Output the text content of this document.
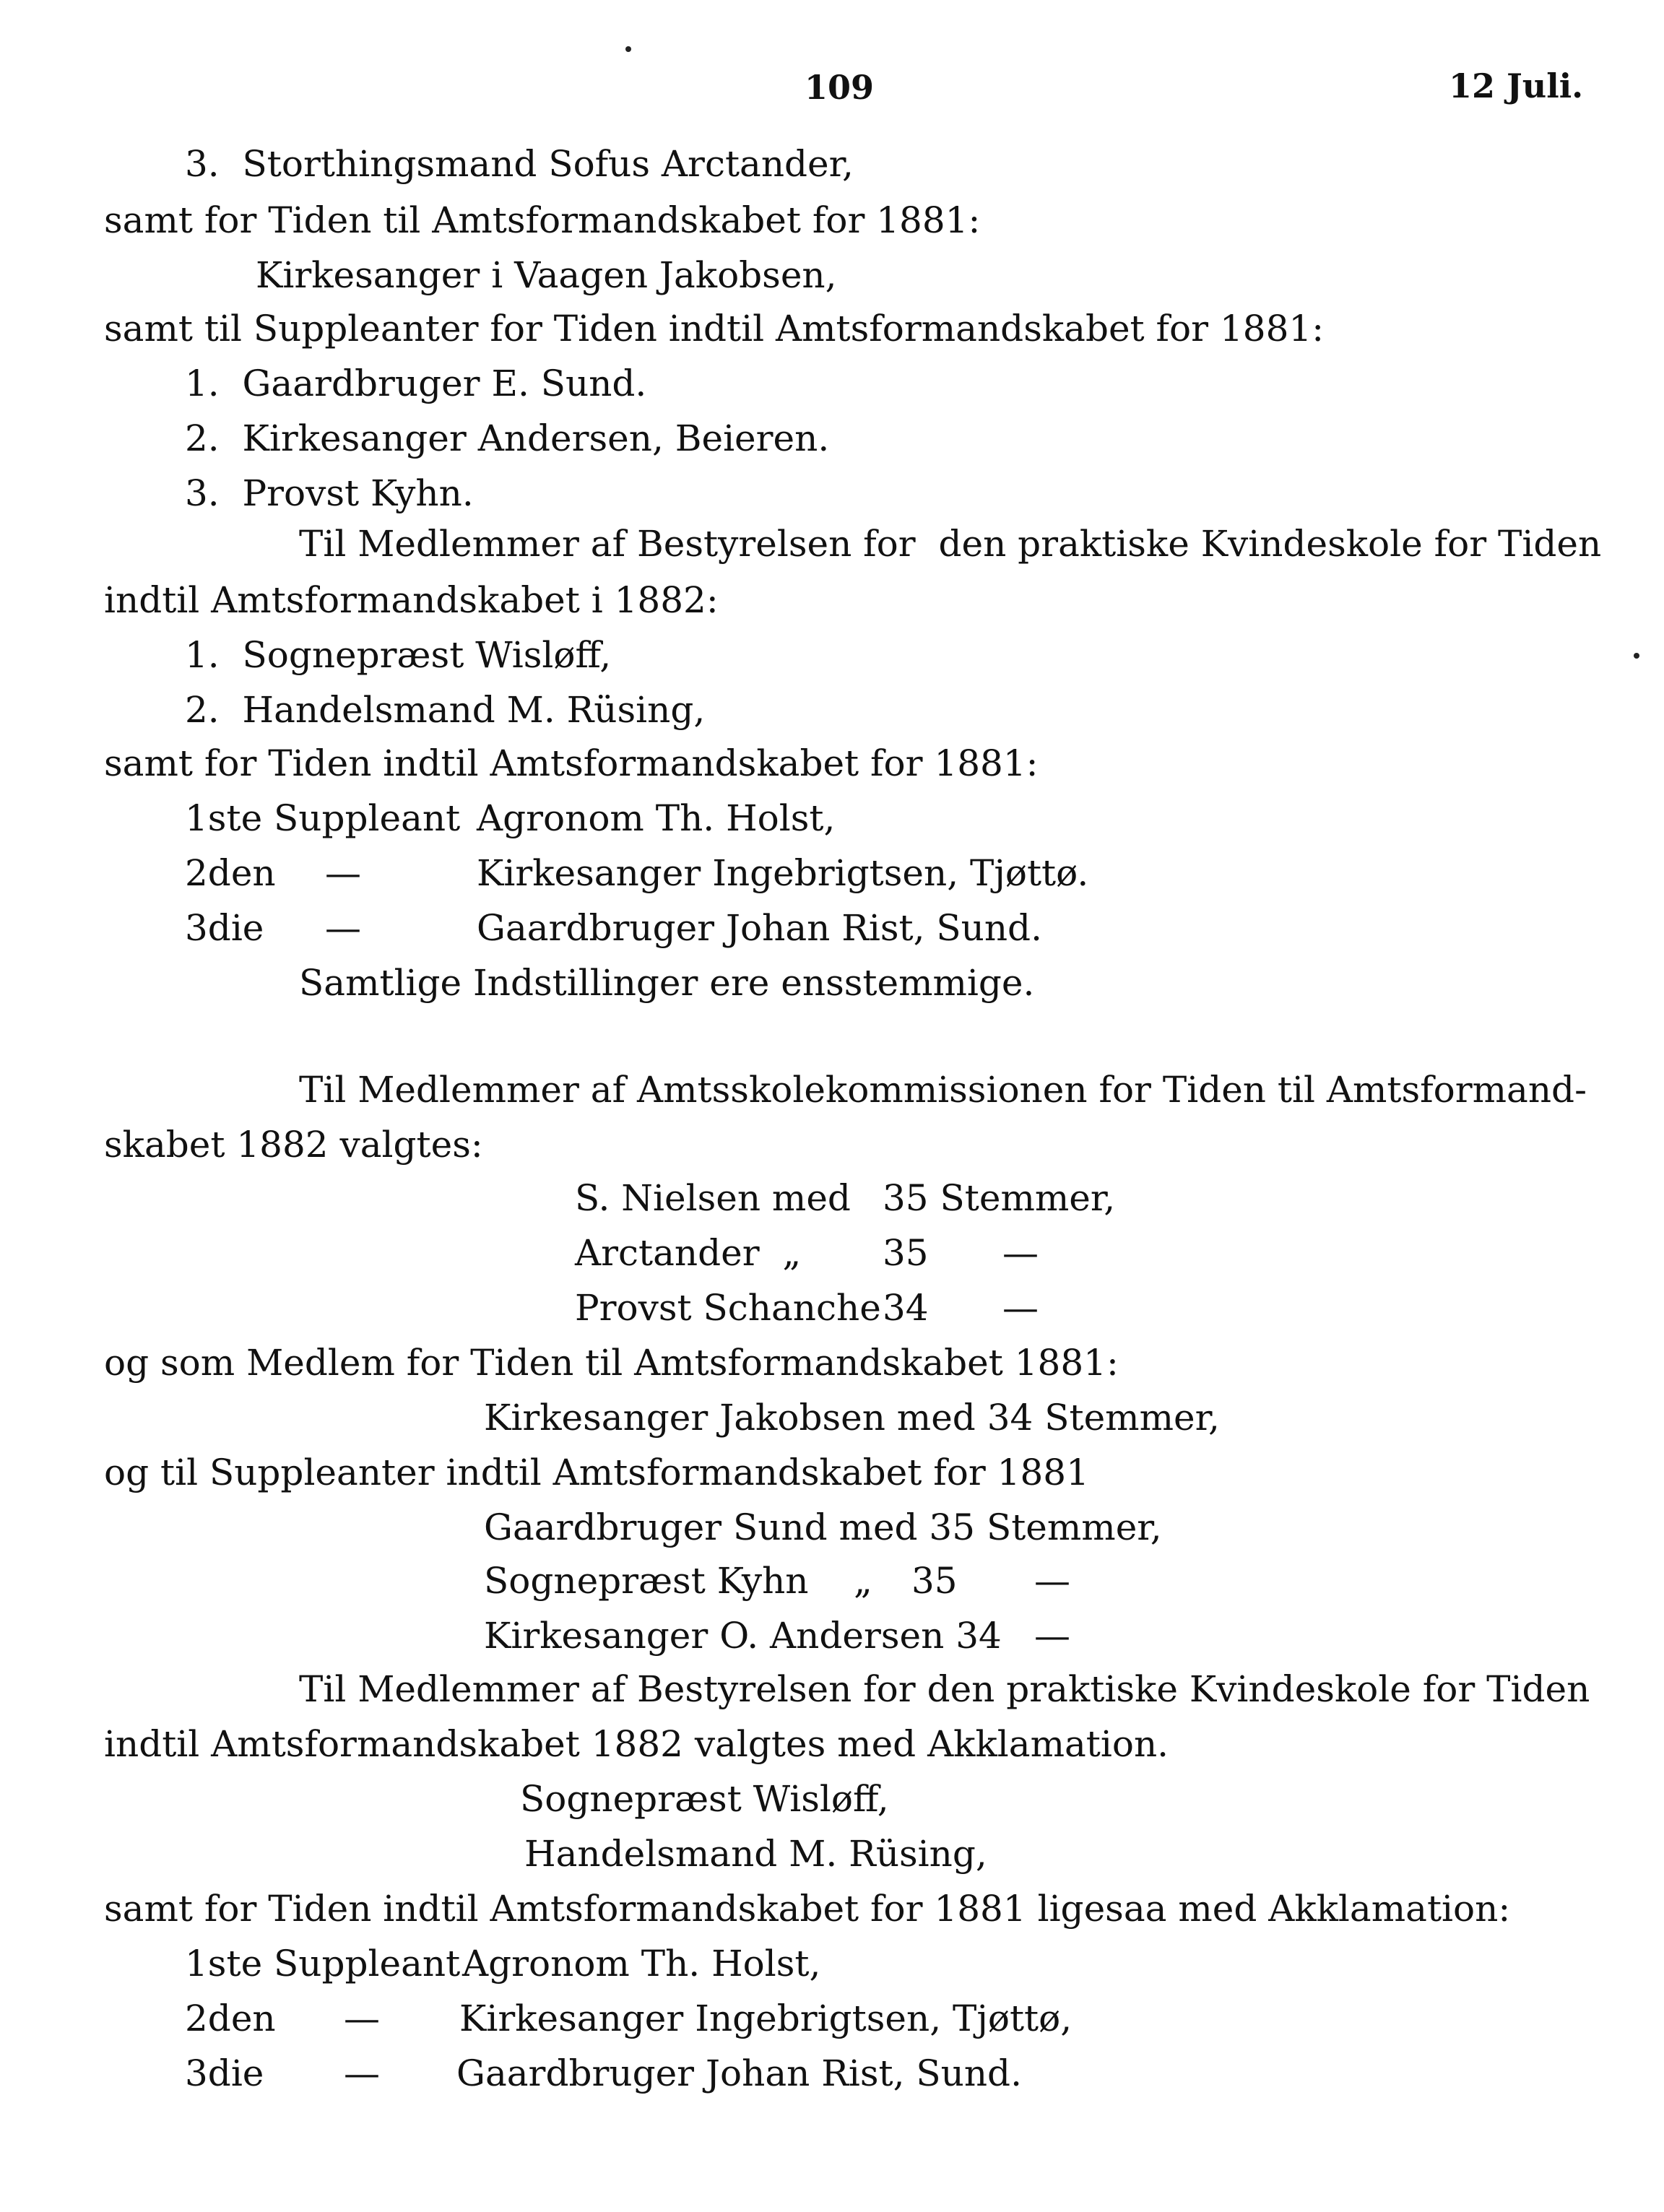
109	12 Juli.
3.  Storthingsmand Sofus Arctander,
samt for Tiden til Amtsformandskabet for 1881:
Kirkesanger i Vaagen Jakobsen,
samt til Suppleanter for Tiden indtil Amtsformandskabet for 1881:
1.  Gaardbruger E. Sund.
2.  Kirkesanger Andersen, Beieren.
3.  Provst Kyhn.
Til Medlemmer af Bestyrelsen for  den praktiske Kvindeskole for Tiden
indtil Amtsformandskabet i 1882:
1.  Sognepræst Wisløff,
2.  Handelsmand M. Rüsing,
samt for Tiden indtil Amtsformandskabet for 1881:
1ste Suppleant Agronom Th. Holst,
2den —	Kirkesanger Ingebrigtsen, Tjøttø.
3die —	Gaardbruger Johan Rist, Sund.
Samtlige Indstillinger ere ensstemmige.
Til Medlemmer af Amtsskolekommissionen for Tiden til Amtsformand-
skabet 1882 valgtes:
S. Nielsen med 35 Stemmer,
Arctander  „ 35 —
Provst Schanche 34 —
og som Medlem for Tiden til Amtsformandskabet 1881:
Kirkesanger Jakobsen med 34 Stemmer,
og til Suppleanter indtil Amtsformandskabet for 1881
Gaardbruger Sund med 35 Stemmer,
Sognepræst Kyhn „ 35 —
Kirkesanger O. Andersen 34 —
Til Medlemmer af Bestyrelsen for den praktiske Kvindeskole for Tiden
indtil Amtsformandskabet 1882 valgtes med Akklamation.
Sognepræst Wisløff,
Handelsmand M. Rüsing,
samt for Tiden indtil Amtsformandskabet for 1881 ligesaa med Akklamation:
1ste Suppleant Agronom Th. Holst,
2den — Kirkesanger Ingebrigtsen, Tjøttø,
3die — Gaardbruger Johan Rist, Sund.
